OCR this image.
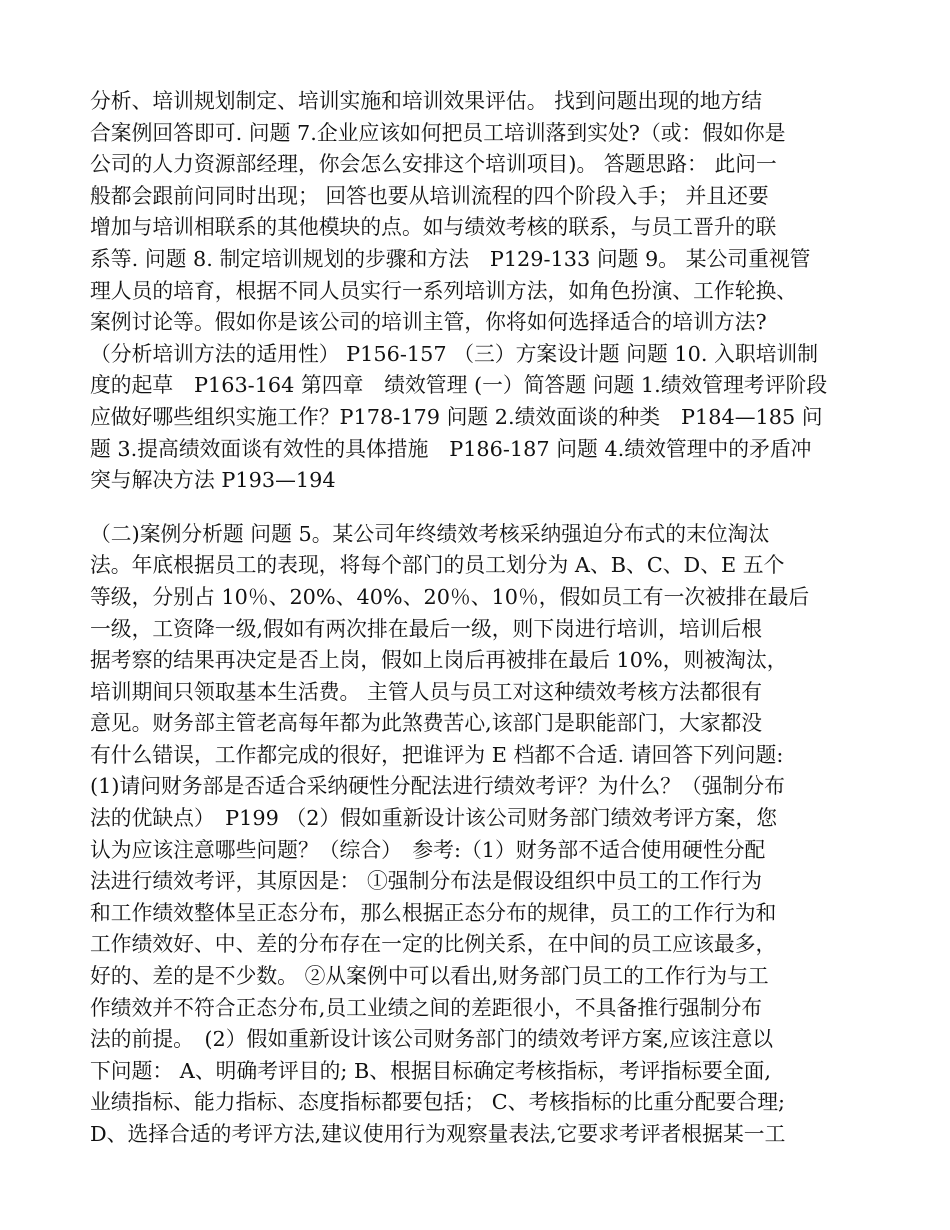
分析、培训规划制定、培训实施和培训效果评估。 找到问题出现的地方结
合案例回答即可. 问题 7.企业应该如何把员工培训落到实处?（或：假如你是
公司的人力资源部经理，你会怎么安排这个培训项目)。 答题思路： 此问一
般都会跟前问同时出现； 回答也要从培训流程的四个阶段入手； 并且还要
增加与培训相联系的其他模块的点。如与绩效考核的联系，与员工晋升的联
系等. 问题 8. 制定培训规划的步骤和方法　P129-133 问题 9。 某公司重视管
理人员的培育，根据不同人员实行一系列培训方法，如角色扮演、工作轮换、
案例讨论等。假如你是该公司的培训主管，你将如何选择适合的培训方法?
（分析培训方法的适用性） P156-157 （三）方案设计题 问题 10. 入职培训制
度的起草　P163-164 第四章　绩效管理 (一）简答题 问题 1.绩效管理考评阶段
应做好哪些组织实施工作？P178-179 问题 2.绩效面谈的种类　P184—185 问
题 3.提高绩效面谈有效性的具体措施　P186-187 问题 4.绩效管理中的矛盾冲
突与解决方法 P193—194
（二)案例分析题 问题 5。某公司年终绩效考核采纳强迫分布式的末位淘汰
法。年底根据员工的表现，将每个部门的员工划分为 A、B、C、D、E 五个
等级，分别占 10％、20%、40%、20％、10％，假如员工有一次被排在最后
一级，工资降一级,假如有两次排在最后一级，则下岗进行培训，培训后根
据考察的结果再决定是否上岗，假如上岗后再被排在最后 10%，则被淘汰，
培训期间只领取基本生活费。 主管人员与员工对这种绩效考核方法都很有
意见。财务部主管老高每年都为此煞费苦心,该部门是职能部门，大家都没
有什么错误，工作都完成的很好，把谁评为 E 档都不合适. 请回答下列问题:
(1)请问财务部是否适合采纳硬性分配法进行绩效考评？为什么？（强制分布
法的优缺点）　P199 （2）假如重新设计该公司财务部门绩效考评方案，您
认为应该注意哪些问题？（综合）　参考:（1）财务部不适合使用硬性分配
法进行绩效考评，其原因是： ①强制分布法是假设组织中员工的工作行为
和工作绩效整体呈正态分布，那么根据正态分布的规律，员工的工作行为和
工作绩效好、中、差的分布存在一定的比例关系，在中间的员工应该最多，
好的、差的是不少数。 ②从案例中可以看出,财务部门员工的工作行为与工
作绩效并不符合正态分布,员工业绩之间的差距很小，不具备推行强制分布
法的前提。　(2）假如重新设计该公司财务部门的绩效考评方案,应该注意以
下问题： A、明确考评目的; B、根据目标确定考核指标，考评指标要全面,
业绩指标、能力指标、态度指标都要包括； C、考核指标的比重分配要合理;
D、选择合适的考评方法,建议使用行为观察量表法,它要求考评者根据某一工
